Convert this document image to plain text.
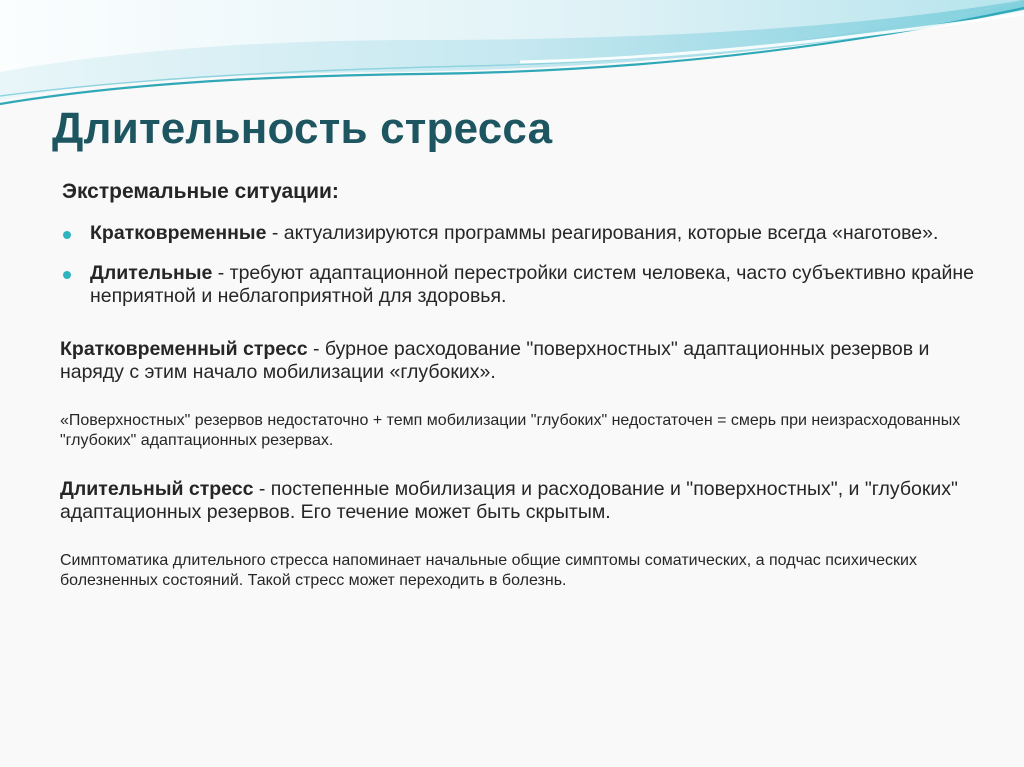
Длительность стресса
Экстремальные ситуации:
Кратковременные - актуализируются программы реагирования, которые всегда «наготове».
Длительные - требуют адаптационной перестройки систем человека, часто субъективно крайне неприятной и неблагоприятной для здоровья.

Кратковременный стресс - бурное расходование "поверхностных" адаптационных резервов и наряду с этим начало мобилизации «глубоких».

«Поверхностных" резервов недостаточно + темп мобилизации "глубоких" недостаточен = смерь при неизрасходованных "глубоких" адаптационных резервах.

Длительный стресс - постепенные мобилизация и расходование и "поверхностных", и "глубоких" адаптационных резервов. Его течение может быть скрытым.

Симптоматика длительного стресса напоминает начальные общие симптомы соматических, а подчас психических болезненных состояний. Такой стресс может переходить в болезнь.
